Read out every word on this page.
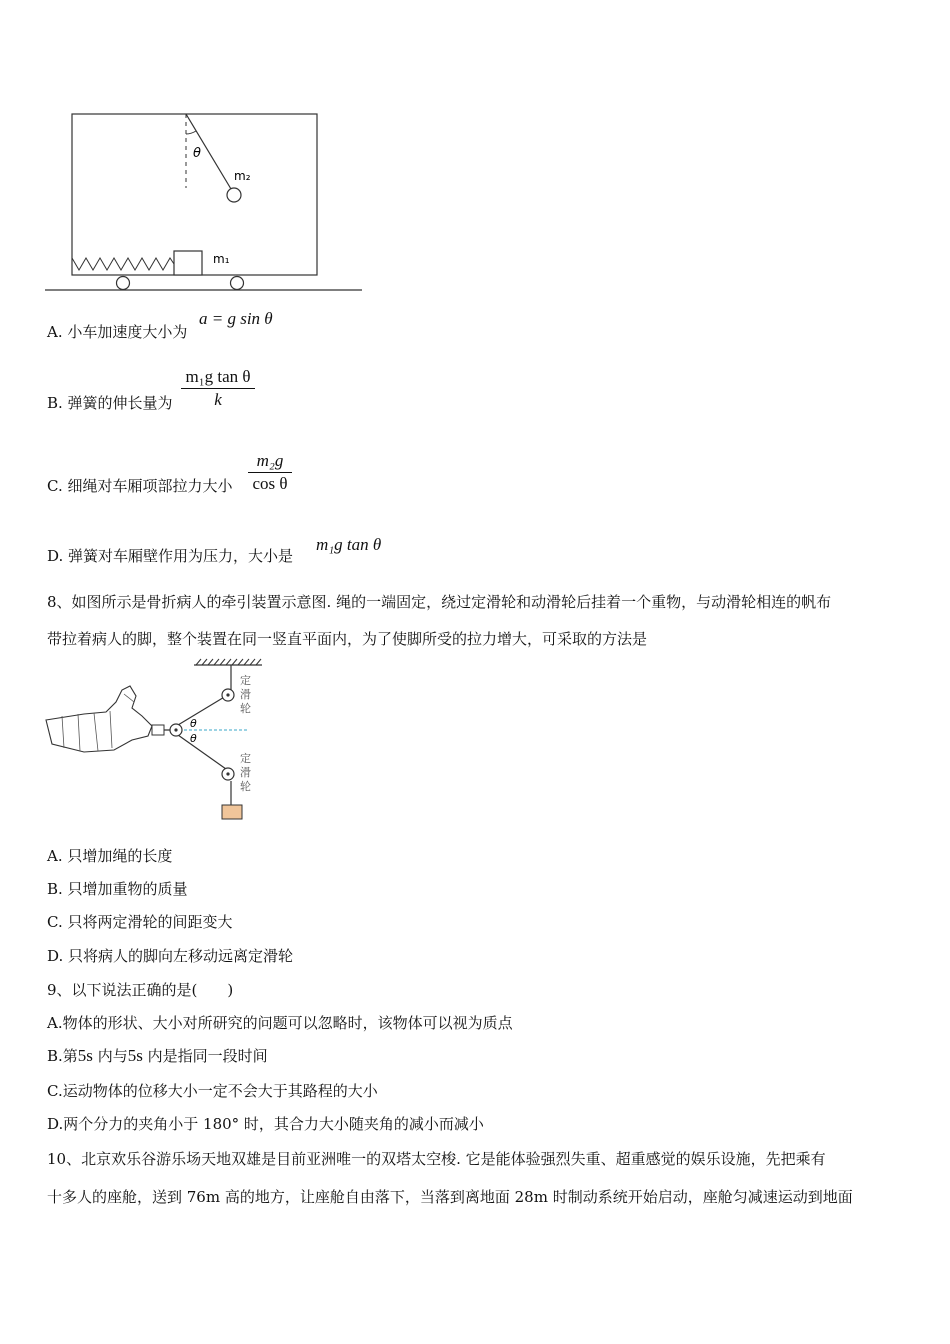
θ
m₂
m₁
A. 小车加速度大小为
a = g sin θ
B. 弹簧的伸长量为
m₁g tan θ
k
C. 细绳对车厢项部拉力大小
m₂g
cos θ
D. 弹簧对车厢壁作用为压力，大小是
m₁g tan θ
8、如图所示是骨折病人的牵引装置示意图. 绳的一端固定，绕过定滑轮和动滑轮后挂着一个重物，与动滑轮相连的帆布
带拉着病人的脚，整个装置在同一竖直平面内，为了使脚所受的拉力增大，可采取的方法是
θ
θ
定滑轮
定滑轮
A. 只增加绳的长度
B. 只增加重物的质量
C. 只将两定滑轮的间距变大
D. 只将病人的脚向左移动远离定滑轮
9、以下说法正确的是(　　)
A.物体的形状、大小对所研究的问题可以忽略时，该物体可以视为质点
B.第5s 内与5s 内是指同一段时间
C.运动物体的位移大小一定不会大于其路程的大小
D.两个分力的夹角小于 180° 时，其合力大小随夹角的减小而减小
10、北京欢乐谷游乐场天地双雄是目前亚洲唯一的双塔太空梭. 它是能体验强烈失重、超重感觉的娱乐设施，先把乘有
十多人的座舱，送到 76m 高的地方，让座舱自由落下，当落到离地面 28m 时制动系统开始启动，座舱匀减速运动到地面
